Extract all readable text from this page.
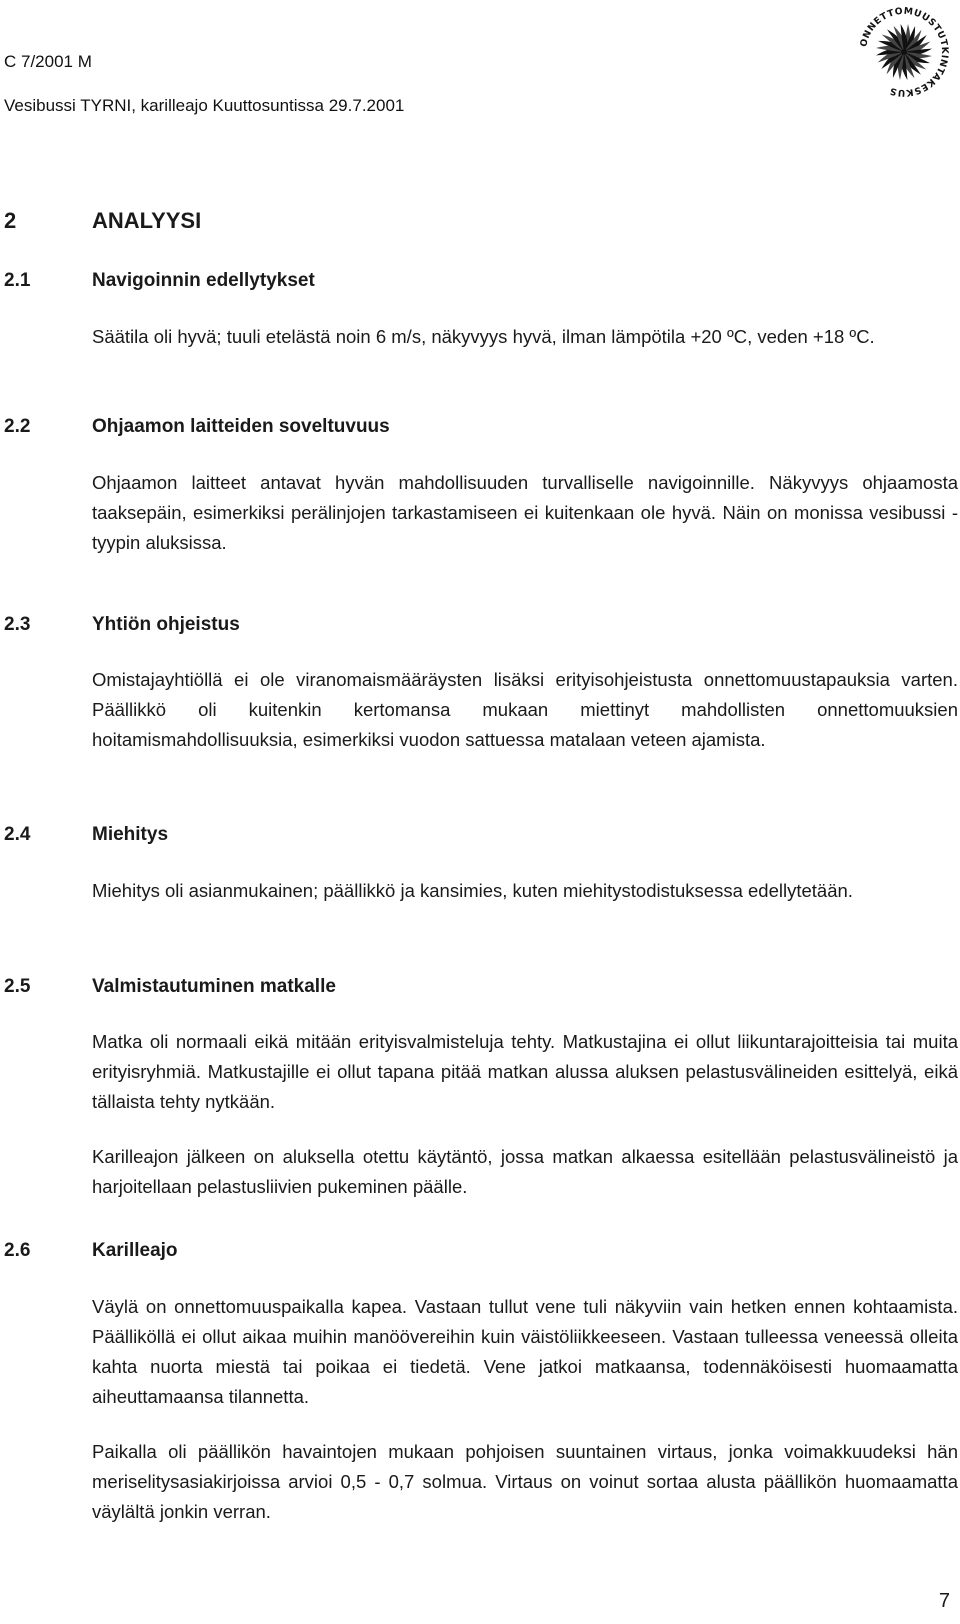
C 7/2001 M
Vesibussi TYRNI, karilleajo Kuuttosuntissa 29.7.2001
ONNETTOMUUSTUTKINTAKESKUS
2	ANALYYSI
2.1	Navigoinnin edellytykset
Säätila oli hyvä; tuuli etelästä noin 6 m/s, näkyvyys hyvä, ilman lämpötila +20 ºC, veden +18 ºC.
2.2	Ohjaamon laitteiden soveltuvuus
Ohjaamon laitteet antavat hyvän mahdollisuuden turvalliselle navigoinnille. Näkyvyys ohjaamosta taaksepäin, esimerkiksi perälinjojen tarkastamiseen ei kuitenkaan ole hyvä. Näin on monissa vesibussi -tyypin aluksissa.
2.3	Yhtiön ohjeistus
Omistajayhtiöllä ei ole viranomaismääräysten lisäksi erityisohjeistusta onnettomuustapauksia varten. Päällikkö oli kuitenkin kertomansa mukaan miettinyt mahdollisten onnettomuuksien hoitamismahdollisuuksia, esimerkiksi vuodon sattuessa matalaan veteen ajamista.
2.4	Miehitys
Miehitys oli asianmukainen; päällikkö ja kansimies, kuten miehitystodistuksessa edellytetään.
2.5	Valmistautuminen matkalle
Matka oli normaali eikä mitään erityisvalmisteluja tehty. Matkustajina ei ollut liikuntarajoitteisia tai muita erityisryhmiä. Matkustajille ei ollut tapana pitää matkan alussa aluksen pelastusvälineiden esittelyä, eikä tällaista tehty nytkään.
Karilleajon jälkeen on aluksella otettu käytäntö, jossa matkan alkaessa esitellään pelastusvälineistö ja harjoitellaan pelastusliivien pukeminen päälle.
2.6	Karilleajo
Väylä on onnettomuuspaikalla kapea. Vastaan tullut vene tuli näkyviin vain hetken ennen kohtaamista. Päälliköllä ei ollut aikaa muihin manöövereihin kuin väistöliikkeeseen. Vastaan tulleessa veneessä olleita kahta nuorta miestä tai poikaa ei tiedetä. Vene jatkoi matkaansa, todennäköisesti huomaamatta aiheuttamaansa tilannetta.
Paikalla oli päällikön havaintojen mukaan pohjoisen suuntainen virtaus, jonka voimakkuudeksi hän meriselitysasiakirjoissa arvioi 0,5 - 0,7 solmua. Virtaus on voinut sortaa alusta päällikön huomaamatta väylältä jonkin verran.
7
